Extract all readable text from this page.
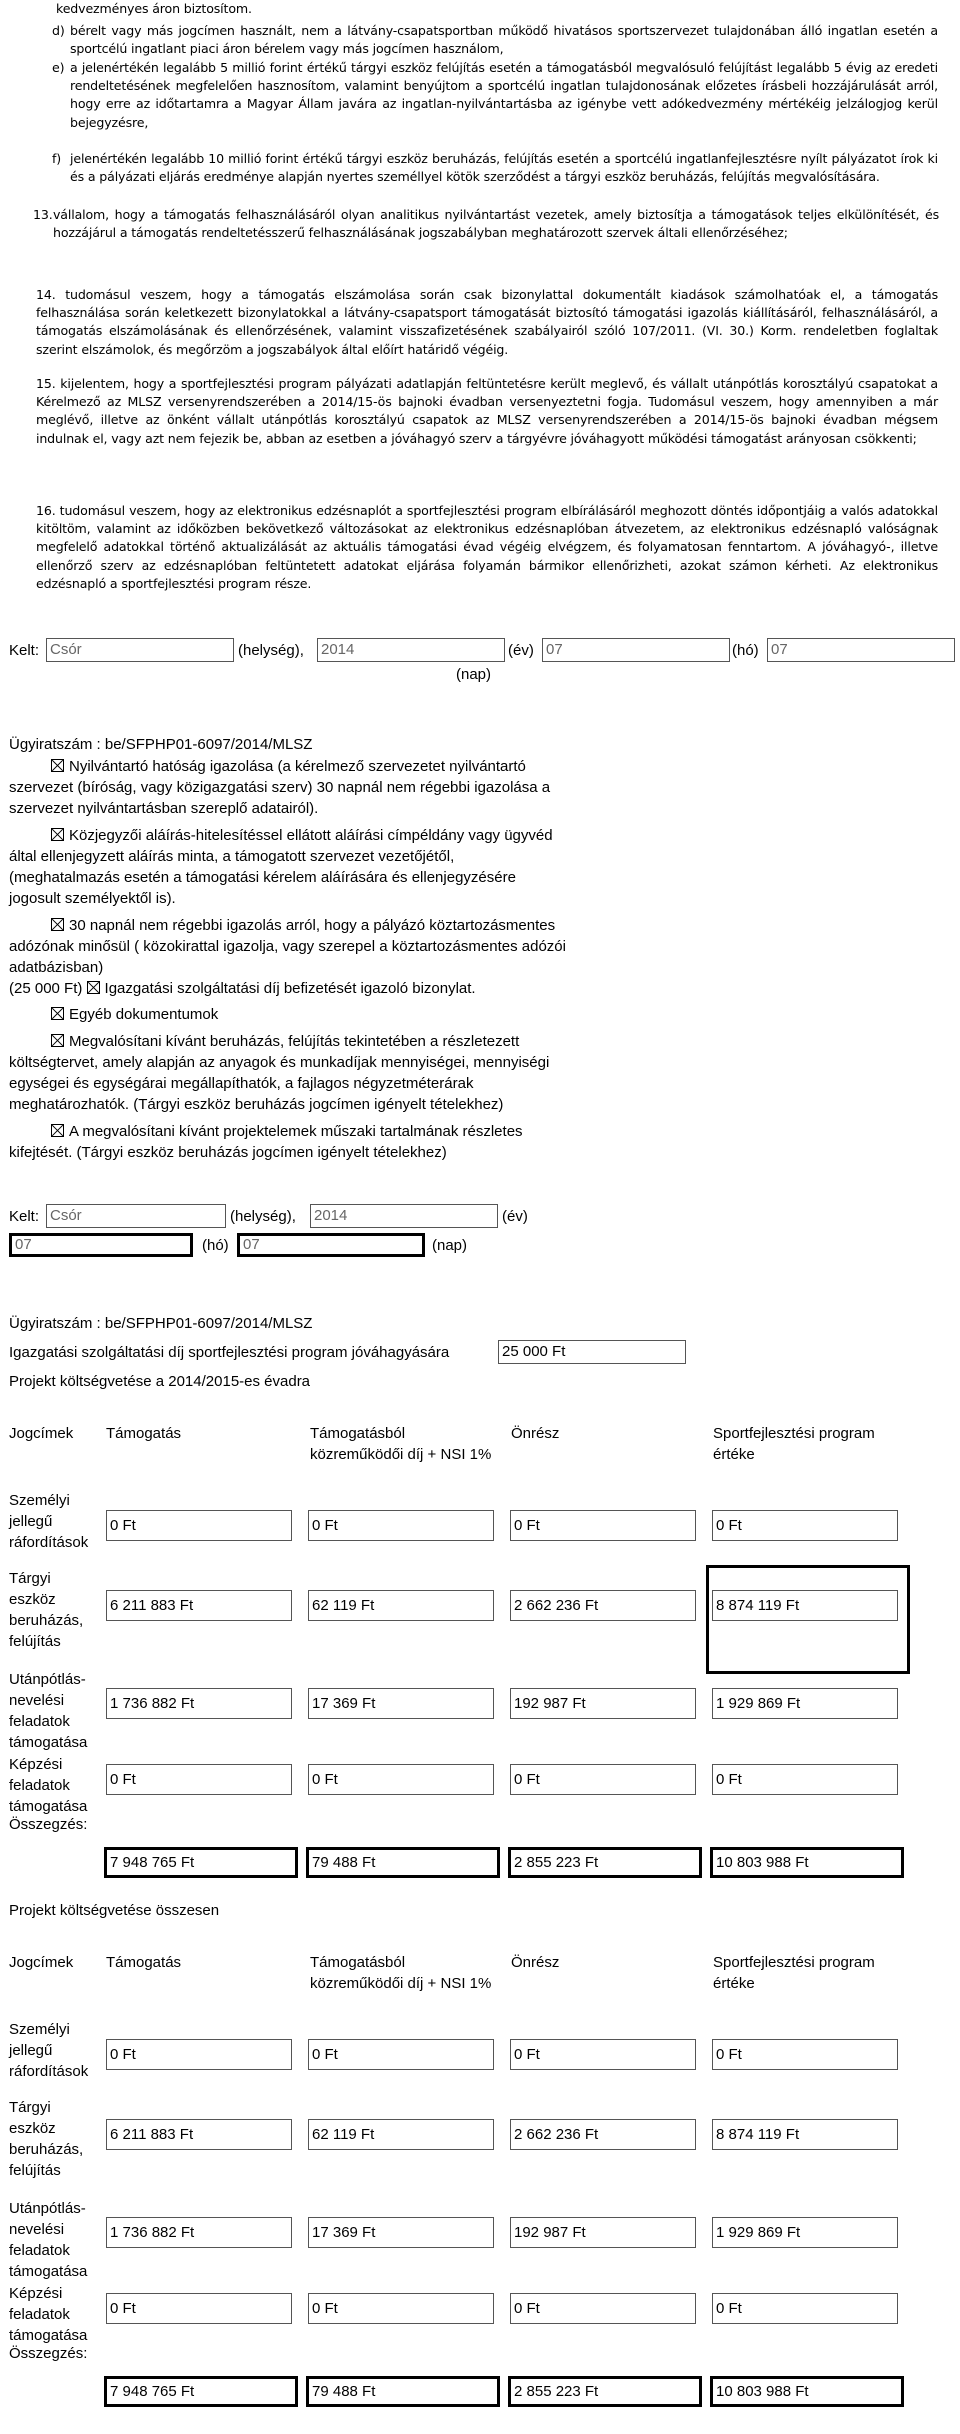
kedvezményes áron biztosítom.
d) bérelt vagy más jogcímen használt, nem a látvány-csapatsportban működő hivatásos sportszervezet tulajdonában álló ingatlan esetén a sportcélú ingatlant piaci áron bérelem vagy más jogcímen használom,
e) a jelenértékén legalább 5 millió forint értékű tárgyi eszköz felújítás esetén a támogatásból megvalósuló felújítást legalább 5 évig az eredeti rendeltetésének megfelelően hasznosítom, valamint benyújtom a sportcélú ingatlan tulajdonosának előzetes írásbeli hozzájárulását arról, hogy erre az időtartamra a Magyar Állam javára az ingatlan-nyilvántartásba az igénybe vett adókedvezmény mértékéig jelzálogjog kerül bejegyzésre,
f) jelenértékén legalább 10 millió forint értékű tárgyi eszköz beruházás, felújítás esetén a sportcélú ingatlanfejlesztésre nyílt pályázatot írok ki és a pályázati eljárás eredménye alapján nyertes személlyel kötök szerződést a tárgyi eszköz beruházás, felújítás megvalósítására.
13. vállalom, hogy a támogatás felhasználásáról olyan analitikus nyilvántartást vezetek, amely biztosítja a támogatások teljes elkülönítését, és hozzájárul a támogatás rendeltetésszerű felhasználásának jogszabályban meghatározott szervek általi ellenőrzéséhez;
14. tudomásul veszem, hogy a támogatás elszámolása során csak bizonylattal dokumentált kiadások számolhatóak el, a támogatás felhasználása során keletkezett bizonylatokkal a látvány-csapatsport támogatását biztosító támogatási igazolás kiállításáról, felhasználásáról, a támogatás elszámolásának és ellenőrzésének, valamint visszafizetésének szabályairól szóló 107/2011. (VI. 30.) Korm. rendeletben foglaltak szerint elszámolok, és megőrzöm a jogszabályok által előírt határidő végéig.
15. kijelentem, hogy a sportfejlesztési program pályázati adatlapján feltüntetésre került meglevő, és vállalt utánpótlás korosztályú csapatokat a Kérelmező az MLSZ versenyrendszerében a 2014/15-ös bajnoki évadban versenyeztetni fogja. Tudomásul veszem, hogy amennyiben a már meglévő, illetve az önként vállalt utánpótlás korosztályú csapatok az MLSZ versenyrendszerében a 2014/15-ös bajnoki évadban mégsem indulnak el, vagy azt nem fejezik be, abban az esetben a jóváhagyó szerv a tárgyévre jóváhagyott működési támogatást arányosan csökkenti;
16. tudomásul veszem, hogy az elektronikus edzésnaplót a sportfejlesztési program elbírálásáról meghozott döntés időpontjáig a valós adatokkal kitöltöm, valamint az időközben bekövetkező változásokat az elektronikus edzésnaplóban átvezetem, az elektronikus edzésnapló valóságnak megfelelő adatokkal történő aktualizálását az aktuális támogatási évad végéig elvégzem, és folyamatosan fenntartom. A jóváhagyó-, illetve ellenőrző szerv az edzésnaplóban feltüntetett adatokat eljárása folyamán bármikor ellenőrizheti, azokat számon kérheti. Az elektronikus edzésnapló a sportfejlesztési program része.
Kelt: Csór	(helység), 2014	(év) 07	(hó) 07
(nap)
Ügyiratszám : be/SFPHP01-6097/2014/MLSZ
Nyilvántartó hatóság igazolása (a kérelmező szervezetet nyilvántartó szervezet (bíróság, vagy közigazgatási szerv) 30 napnál nem régebbi igazolása a szervezet nyilvántartásban szereplő adatairól).
Közjegyzői aláírás-hitelesítéssel ellátott aláírási címpéldány vagy ügyvéd által ellenjegyzett aláírás minta, a támogatott szervezet vezetőjétől, (meghatalmazás esetén a támogatási kérelem aláírására és ellenjegyzésére jogosult személyektől is).
30 napnál nem régebbi igazolás arról, hogy a pályázó köztartozásmentes adózónak minősül ( közokirattal igazolja, vagy szerepel a köztartozásmentes adózói adatbázisban)
(25 000 Ft) Igazgatási szolgáltatási díj befizetését igazoló bizonylat.
Egyéb dokumentumok
Megvalósítani kívánt beruházás, felújítás tekintetében a részletezett költségtervet, amely alapján az anyagok és munkadíjak mennyiségei, mennyiségi egységei és egységárai megállapíthatók, a fajlagos négyzetméterárak meghatározhatók. (Tárgyi eszköz beruházás jogcímen igényelt tételekhez)
A megvalósítani kívánt projektelemek műszaki tartalmának részletes kifejtését. (Tárgyi eszköz beruházás jogcímen igényelt tételekhez)
Kelt: Csór	(helység), 2014	(év)
07	(hó) 07	(nap)
Ügyiratszám : be/SFPHP01-6097/2014/MLSZ
Igazgatási szolgáltatási díj sportfejlesztési program jóváhagyására	25 000 Ft
Projekt költségvetése a 2014/2015-es évadra
Jogcímek Támogatás	Támogatásból közreműködői díj + NSI 1%
Önrész	Sportfejlesztési program értéke
Személyi jellegű ráfordítások
0 Ft	0 Ft	0 Ft	0 Ft
Tárgyi eszköz beruházás, felújítás
6 211 883 Ft	62 119 Ft	2 662 236 Ft	8 874 119 Ft
Utánpótlás-nevelési feladatok támogatása
1 736 882 Ft	17 369 Ft	192 987 Ft	1 929 869 Ft
Képzési feladatok támogatása
0 Ft	0 Ft	0 Ft	0 Ft
Összegzés:
7 948 765 Ft	79 488 Ft	2 855 223 Ft	10 803 988 Ft
Projekt költségvetése összesen
Jogcímek Támogatás	Támogatásból közreműködői díj + NSI 1%
Önrész	Sportfejlesztési program értéke
Személyi jellegű ráfordítások
0 Ft	0 Ft	0 Ft	0 Ft
Tárgyi eszköz beruházás, felújítás
6 211 883 Ft	62 119 Ft	2 662 236 Ft	8 874 119 Ft
Utánpótlás-nevelési feladatok támogatása
1 736 882 Ft	17 369 Ft	192 987 Ft	1 929 869 Ft
Képzési feladatok támogatása
0 Ft	0 Ft	0 Ft	0 Ft
Összegzés:
7 948 765 Ft	79 488 Ft	2 855 223 Ft	10 803 988 Ft
